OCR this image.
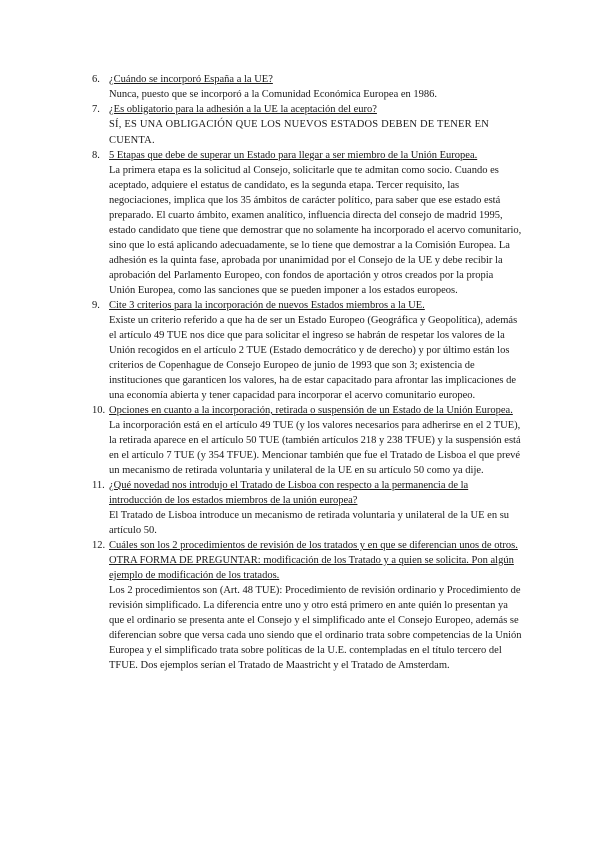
6. ¿Cuándo se incorporó España a la UE?
Nunca, puesto que se incorporó a la Comunidad Económica Europea en 1986.
7. ¿Es obligatorio para la adhesión a la UE la aceptación del euro?
SÍ, ES UNA OBLIGACIÓN QUE LOS NUEVOS ESTADOS DEBEN DE TENER EN CUENTA.
8. 5 Etapas que debe de superar un Estado para llegar a ser miembro de la Unión Europea.
La primera etapa es la solicitud al Consejo, solicitarle que te admitan como socio. Cuando es aceptado, adquiere el estatus de candidato, es la segunda etapa. Tercer requisito, las negociaciones, implica que los 35 ámbitos de carácter político, para saber que ese estado está preparado. El cuarto ámbito, examen analítico, influencia directa del consejo de madrid 1995, estado candidato que tiene que demostrar que no solamente ha incorporado el acervo comunitario, sino que lo está aplicando adecuadamente, se lo tiene que demostrar a la Comisión Europea. La adhesión es la quinta fase, aprobada por unanimidad por el Consejo de la UE y debe recibir la aprobación del Parlamento Europeo, con fondos de aportación y otros creados por la propia Unión Europea, como las sanciones que se pueden imponer a los estados europeos.
9. Cite 3 criterios para la incorporación de nuevos Estados miembros a la UE.
Existe un criterio referido a que ha de ser un Estado Europeo (Geográfica y Geopolítica), además el artículo 49 TUE nos dice que para solicitar el ingreso se habrán de respetar los valores de la Unión recogidos en el artículo 2 TUE (Estado democrático y de derecho) y por último están los criterios de Copenhague de Consejo Europeo de junio de 1993 que son 3; existencia de instituciones que garanticen los valores, ha de estar capacitado para afrontar las implicaciones de una economía abierta y tener capacidad para incorporar el acervo comunitario europeo.
10. Opciones en cuanto a la incorporación, retirada o suspensión de un Estado de la Unión Europea.
La incorporación está en el artículo 49 TUE (y los valores necesarios para adherirse en el 2 TUE), la retirada aparece en el artículo 50 TUE (también artículos 218 y 238 TFUE) y la suspensión está en el artículo 7 TUE (y 354 TFUE). Mencionar también que fue el Tratado de Lisboa el que prevé un mecanismo de retirada voluntaria y unilateral de la UE en su artículo 50 como ya dije.
11. ¿Qué novedad nos introdujo el Tratado de Lisboa con respecto a la permanencia de la introducción de los estados miembros de la unión europea?
El Tratado de Lisboa introduce un mecanismo de retirada voluntaria y unilateral de la UE en su artículo 50.
12. Cuáles son los 2 procedimientos de revisión de los tratados y en que se diferencian unos de otros. OTRA FORMA DE PREGUNTAR: modificación de los Tratado y a quien se solicita. Pon algún ejemplo de modificación de los tratados.
Los 2 procedimientos son (Art. 48 TUE): Procedimiento de revisión ordinario y Procedimiento de revisión simplificado. La diferencia entre uno y otro está primero en ante quién lo presentan ya que el ordinario se presenta ante el Consejo y el simplificado ante el Consejo Europeo, además se diferencian sobre que versa cada uno siendo que el ordinario trata sobre competencias de la Unión Europea y el simplificado trata sobre políticas de la U.E. contempladas en el título tercero del TFUE. Dos ejemplos serían el Tratado de Maastricht y el Tratado de Amsterdam.
